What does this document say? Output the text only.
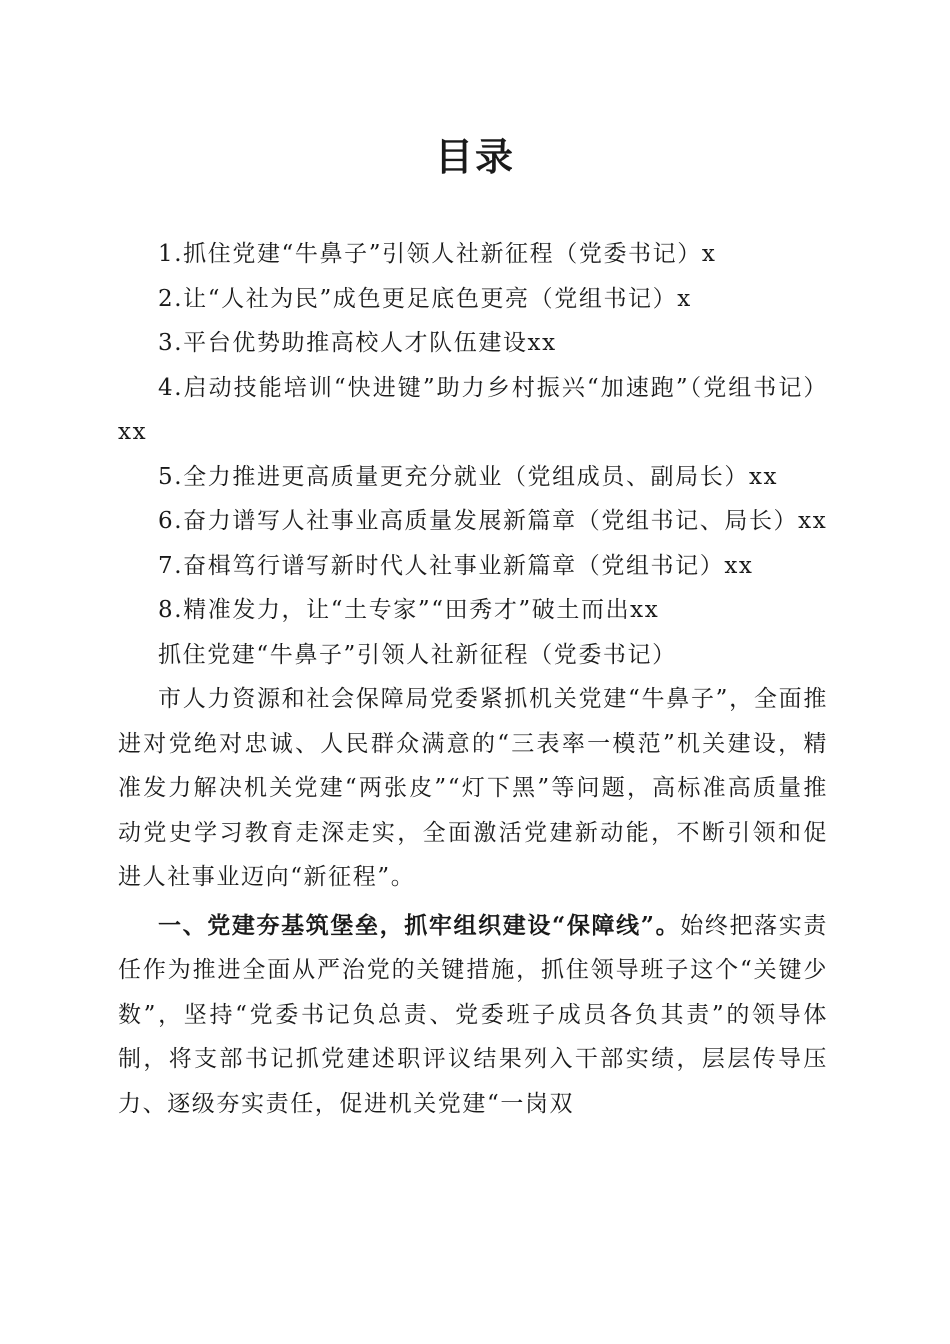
目录

1.抓住党建“牛鼻子”引领人社新征程（党委书记）x

2.让“人社为民”成色更足底色更亮（党组书记）x

3.平台优势助推高校人才队伍建设xx

4.启动技能培训“快进键”助力乡村振兴“加速跑”（党组书记）xx

5.全力推进更高质量更充分就业（党组成员、副局长）xx

6.奋力谱写人社事业高质量发展新篇章（党组书记、局长）xx

7.奋楫笃行谱写新时代人社事业新篇章（党组书记）xx

8.精准发力，让“土专家”“田秀才”破土而出xx

抓住党建“牛鼻子”引领人社新征程（党委书记）

市人力资源和社会保障局党委紧抓机关党建“牛鼻子”，全面推进对党绝对忠诚、人民群众满意的“三表率一模范”机关建设，精准发力解决机关党建“两张皮”“灯下黑”等问题，高标准高质量推动党史学习教育走深走实，全面激活党建新动能，不断引领和促进人社事业迈向“新征程”。

一、党建夯基筑堡垒，抓牢组织建设“保障线”。始终把落实责任作为推进全面从严治党的关键措施，抓住领导班子这个“关键少数”，坚持“党委书记负总责、党委班子成员各负其责”的领导体制，将支部书记抓党建述职评议结果列入干部实绩，层层传导压力、逐级夯实责任，促进机关党建“一岗双
